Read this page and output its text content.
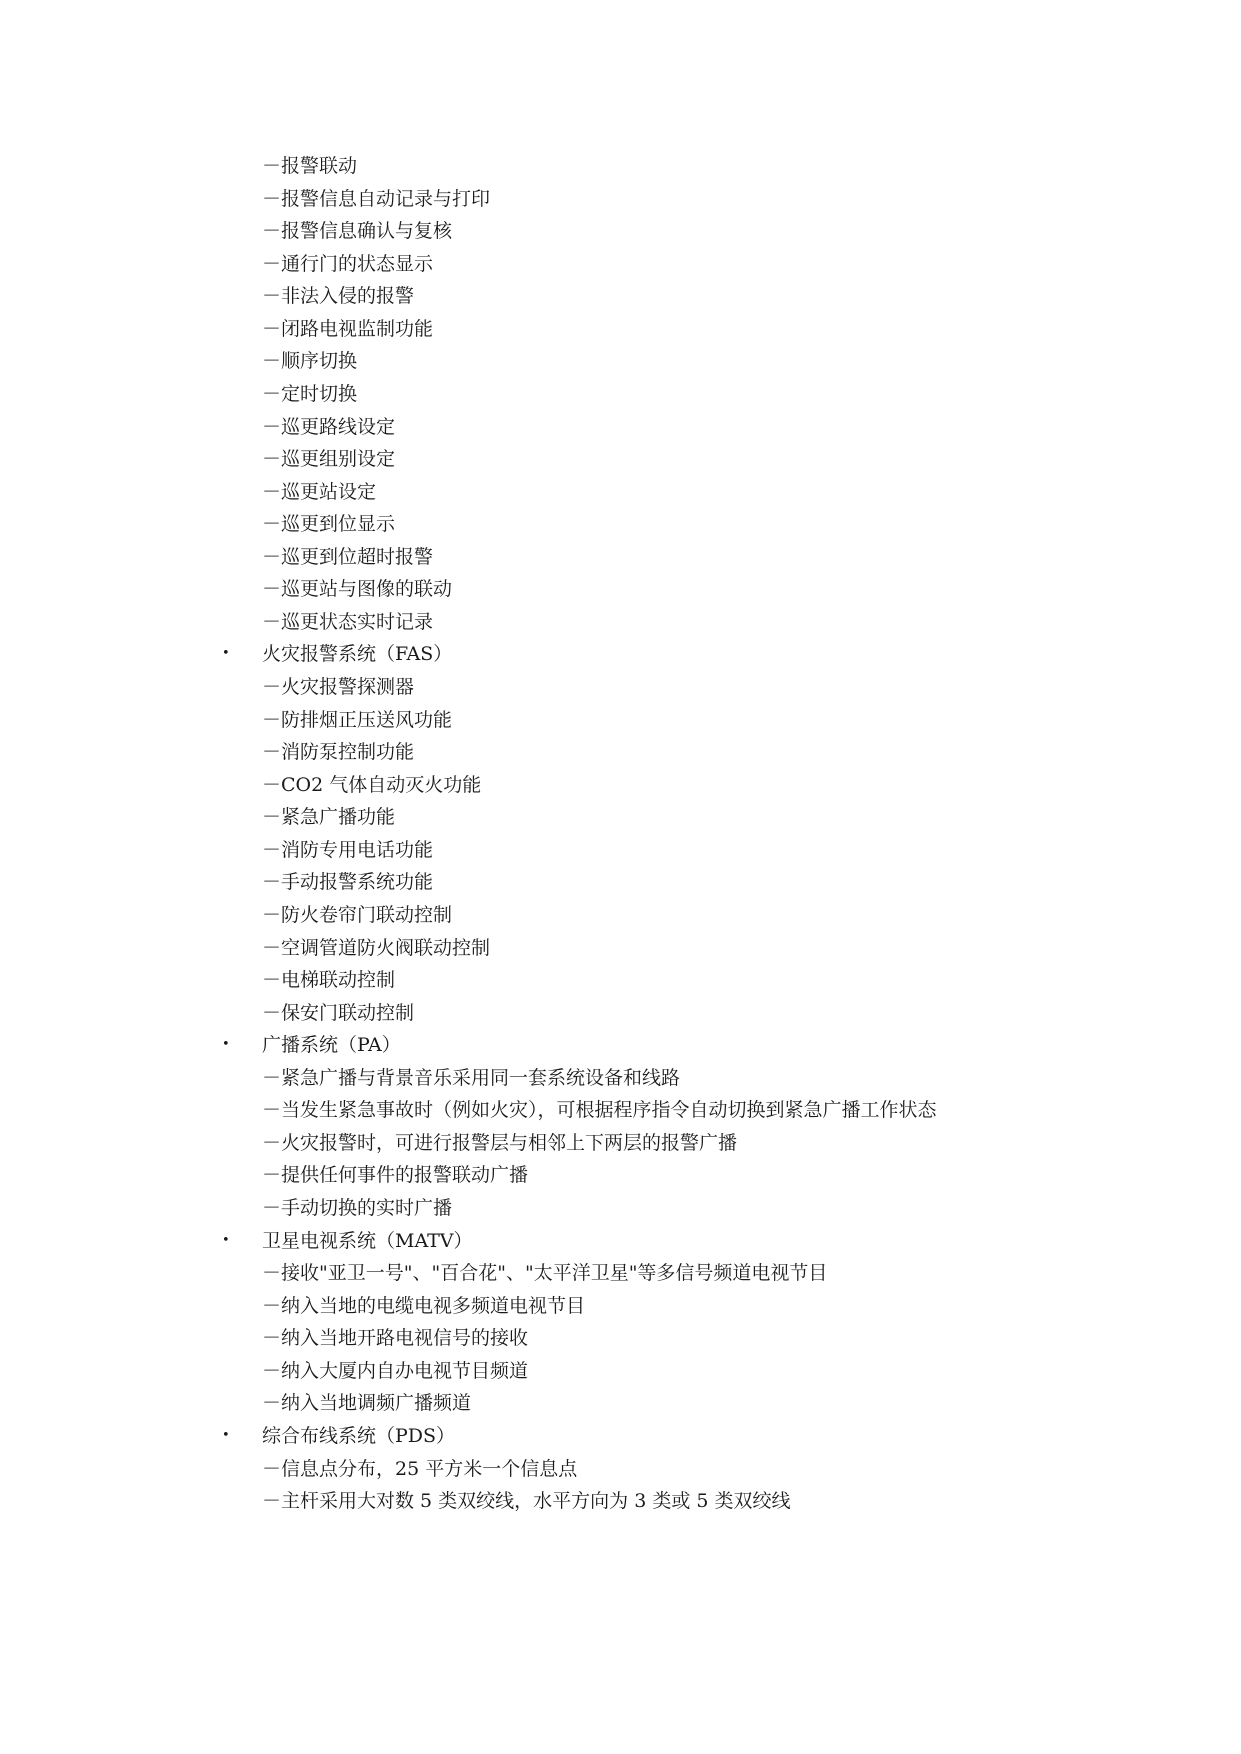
－报警联动
－报警信息自动记录与打印
－报警信息确认与复核
－通行门的状态显示
－非法入侵的报警
－闭路电视监制功能
－顺序切换
－定时切换
－巡更路线设定
－巡更组别设定
－巡更站设定
－巡更到位显示
－巡更到位超时报警
－巡更站与图像的联动
－巡更状态实时记录
• 火灾报警系统（FAS）
－火灾报警探测器
－防排烟正压送风功能
－消防泵控制功能
－CO2 气体自动灭火功能
－紧急广播功能
－消防专用电话功能
－手动报警系统功能
－防火卷帘门联动控制
－空调管道防火阀联动控制
－电梯联动控制
－保安门联动控制
• 广播系统（PA）
－紧急广播与背景音乐采用同一套系统设备和线路
－当发生紧急事故时（例如火灾），可根据程序指令自动切换到紧急广播工作状态
－火灾报警时，可进行报警层与相邻上下两层的报警广播
－提供任何事件的报警联动广播
－手动切换的实时广播
• 卫星电视系统（MATV）
－接收"亚卫一号"、"百合花"、"太平洋卫星"等多信号频道电视节目
－纳入当地的电缆电视多频道电视节目
－纳入当地开路电视信号的接收
－纳入大厦内自办电视节目频道
－纳入当地调频广播频道
• 综合布线系统（PDS）
－信息点分布，25 平方米一个信息点
－主杆采用大对数 5 类双绞线，水平方向为 3 类或 5 类双绞线
